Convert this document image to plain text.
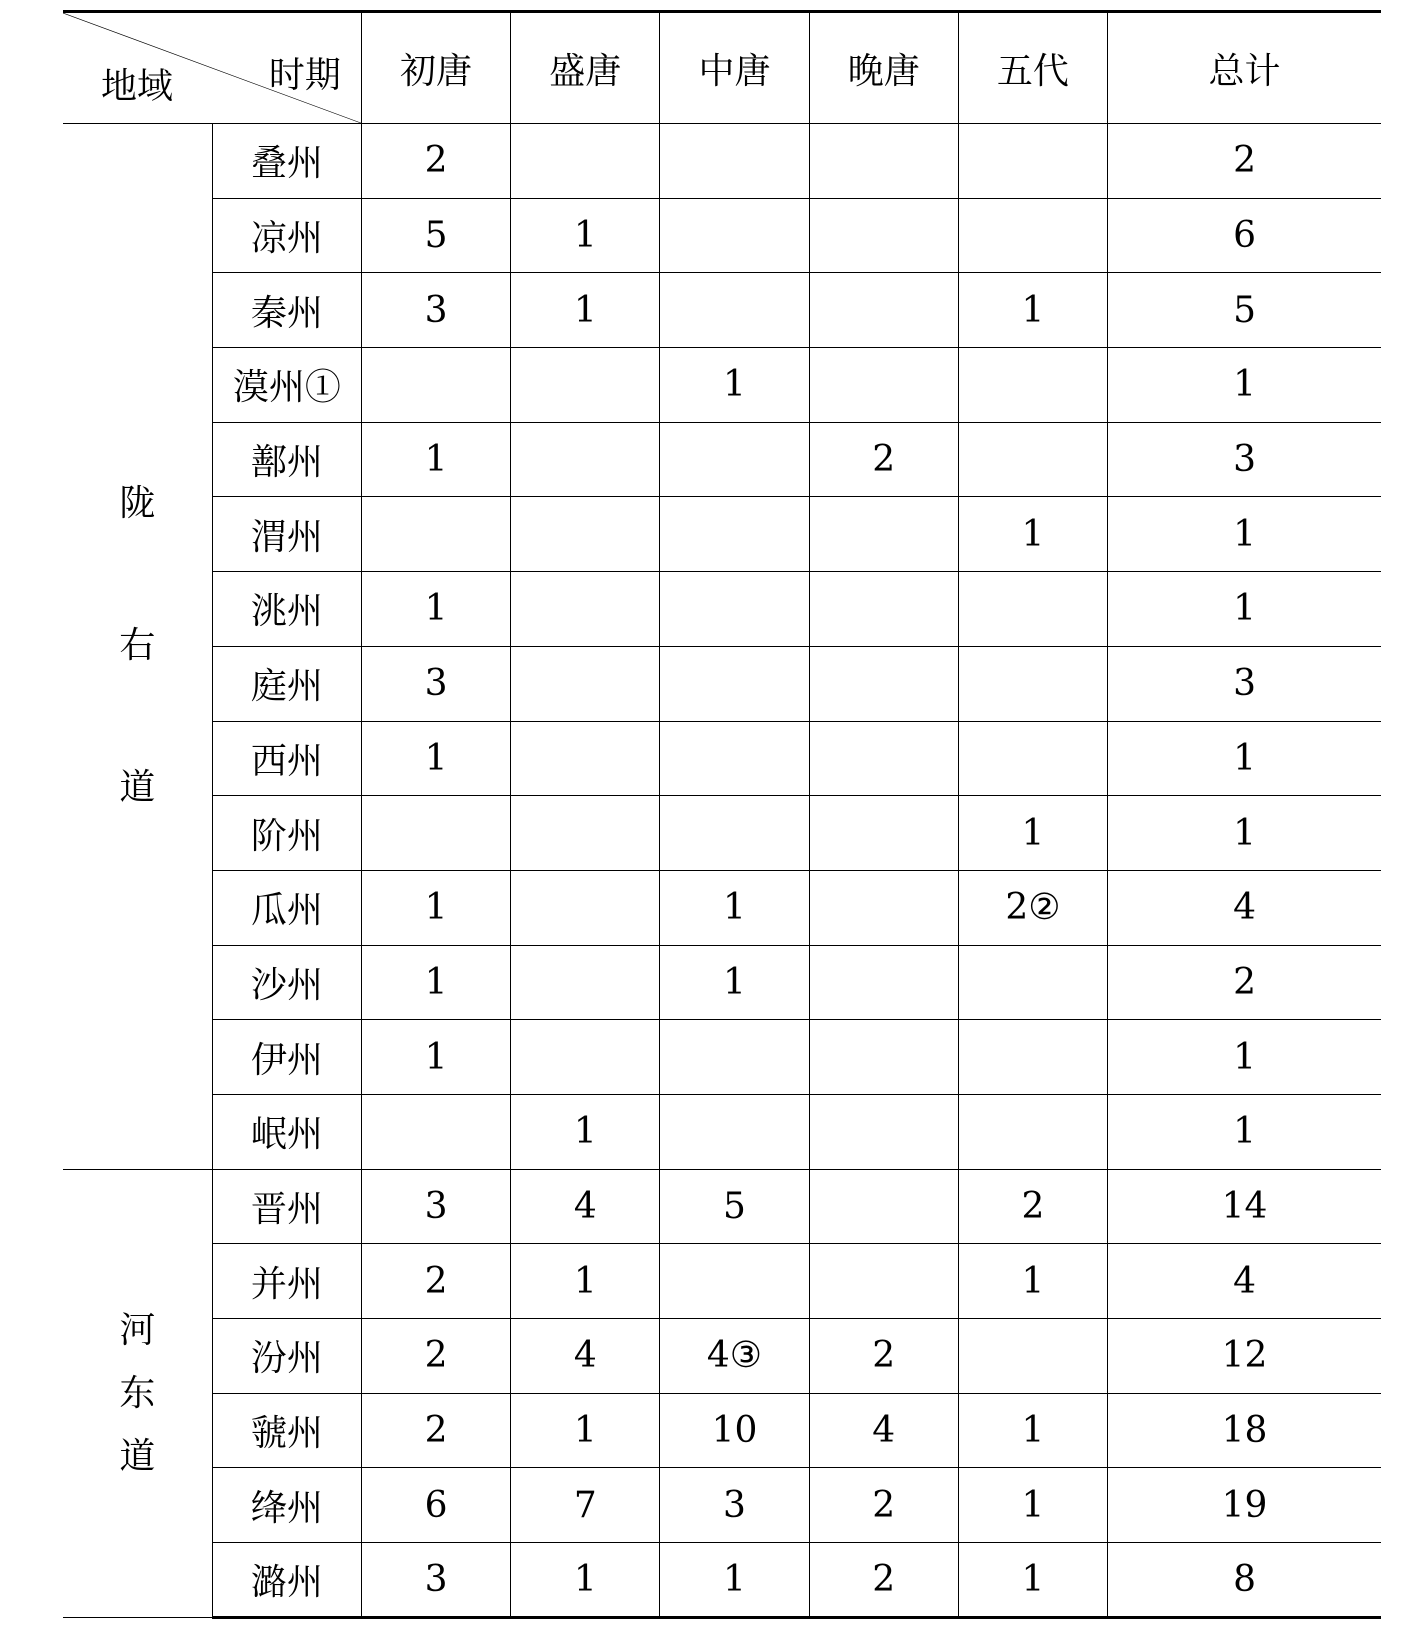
时期
地域		初唐	盛唐	中唐	晚唐	五代	总计

陇
右
道	叠州	2					2
	凉州	5	1				6
	秦州	3	1			1	5
	漠州①			1			1
	鄯州	1			2		3
	渭州					1	1
	洮州	1					1
	庭州	3					3
	西州	1					1
	阶州					1	1
	瓜州	1		1		2②	4
	沙州	1		1			2
	伊州	1					1
	岷州		1				1

河
东
道	晋州	3	4	5		2	14
	并州	2	1			1	4
	汾州	2	4	4③	2		12
	虢州	2	1	10	4	1	18
	绛州	6	7	3	2	1	19
	潞州	3	1	1	2	1	8
